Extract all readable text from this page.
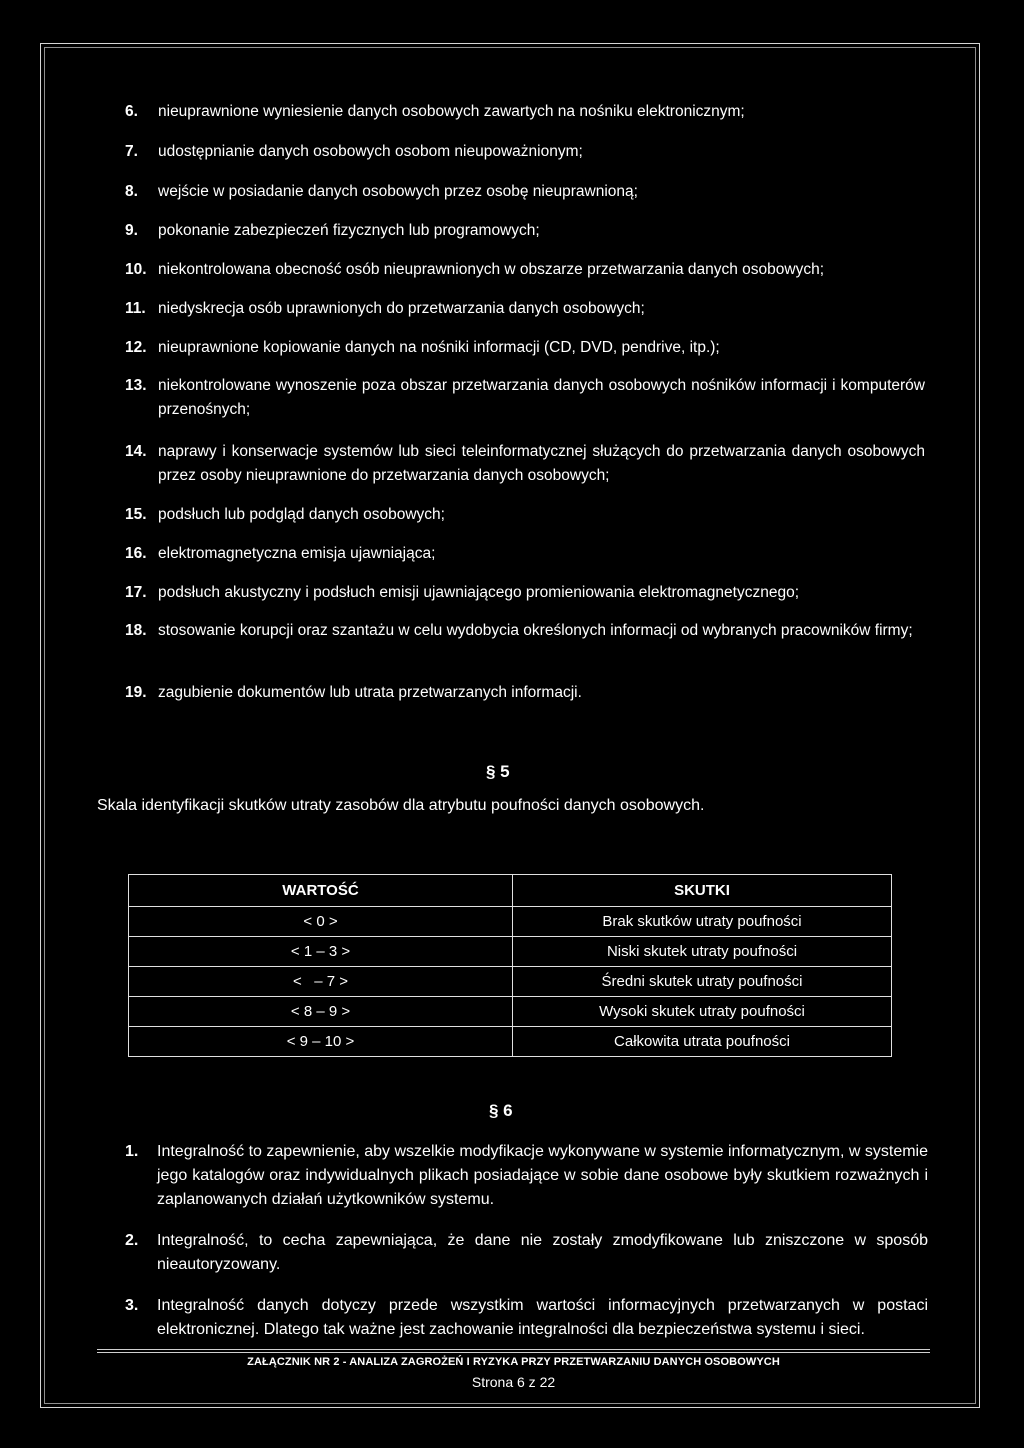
6.	nieuprawnione wyniesienie danych osobowych zawartych na nośniku elektronicznym;
7.	udostępnianie danych osobowych osobom nieupoważnionym;
8.	wejście w posiadanie danych osobowych przez osobę nieuprawnioną;
9.	pokonanie zabezpieczeń fizycznych lub programowych;
10. niekontrolowana obecność osób nieuprawnionych w obszarze przetwarzania danych osobowych;
11. niedyskrecja osób uprawnionych do przetwarzania danych osobowych;
12. nieuprawnione kopiowanie danych na nośniki informacji (CD, DVD, pendrive, itp.);
13. niekontrolowane wynoszenie poza obszar przetwarzania danych osobowych nośników informacji i komputerów przenośnych;
14. naprawy i konserwacje systemów lub sieci teleinformatycznej służących do przetwarzania danych osobowych przez osoby nieuprawnione do przetwarzania danych osobowych;
15. podsłuch lub podgląd danych osobowych;
16. elektromagnetyczna emisja ujawniająca;
17. podsłuch akustyczny i podsłuch emisji ujawniającego promieniowania elektromagnetycznego;
18. stosowanie korupcji oraz szantażu w celu wydobycia określonych informacji od wybranych pracowników firmy;
19. zagubienie dokumentów lub utrata przetwarzanych informacji.
§ 5
Skala identyfikacji skutków utraty zasobów dla atrybutu poufności danych osobowych.
WARTOŚĆ	SKUTKI
< 0 >	Brak skutków utraty poufności
< 1 – 3 >	Niski skutek utraty poufności
<   – 7 >	Średni skutek utraty poufności
< 8 – 9 >	Wysoki skutek utraty poufności
< 9 – 10 >	Całkowita utrata poufności
§ 6
1.	Integralność to zapewnienie, aby wszelkie modyfikacje wykonywane w systemie informatycznym, w systemie jego katalogów oraz indywidualnych plikach posiadające w sobie dane osobowe były skutkiem rozważnych i zaplanowanych działań użytkowników systemu.
2.	Integralność, to cecha zapewniająca, że dane nie zostały zmodyfikowane lub zniszczone w sposób nieautoryzowany.
3.	Integralność danych dotyczy przede wszystkim wartości informacyjnych przetwarzanych w postaci elektronicznej. Dlatego tak ważne jest zachowanie integralności dla bezpieczeństwa systemu i sieci.
ZAŁĄCZNIK NR 2 - ANALIZA ZAGROŻEŃ I RYZYKA PRZY PRZETWARZANIU DANYCH OSOBOWYCH
Strona 6 z 22
